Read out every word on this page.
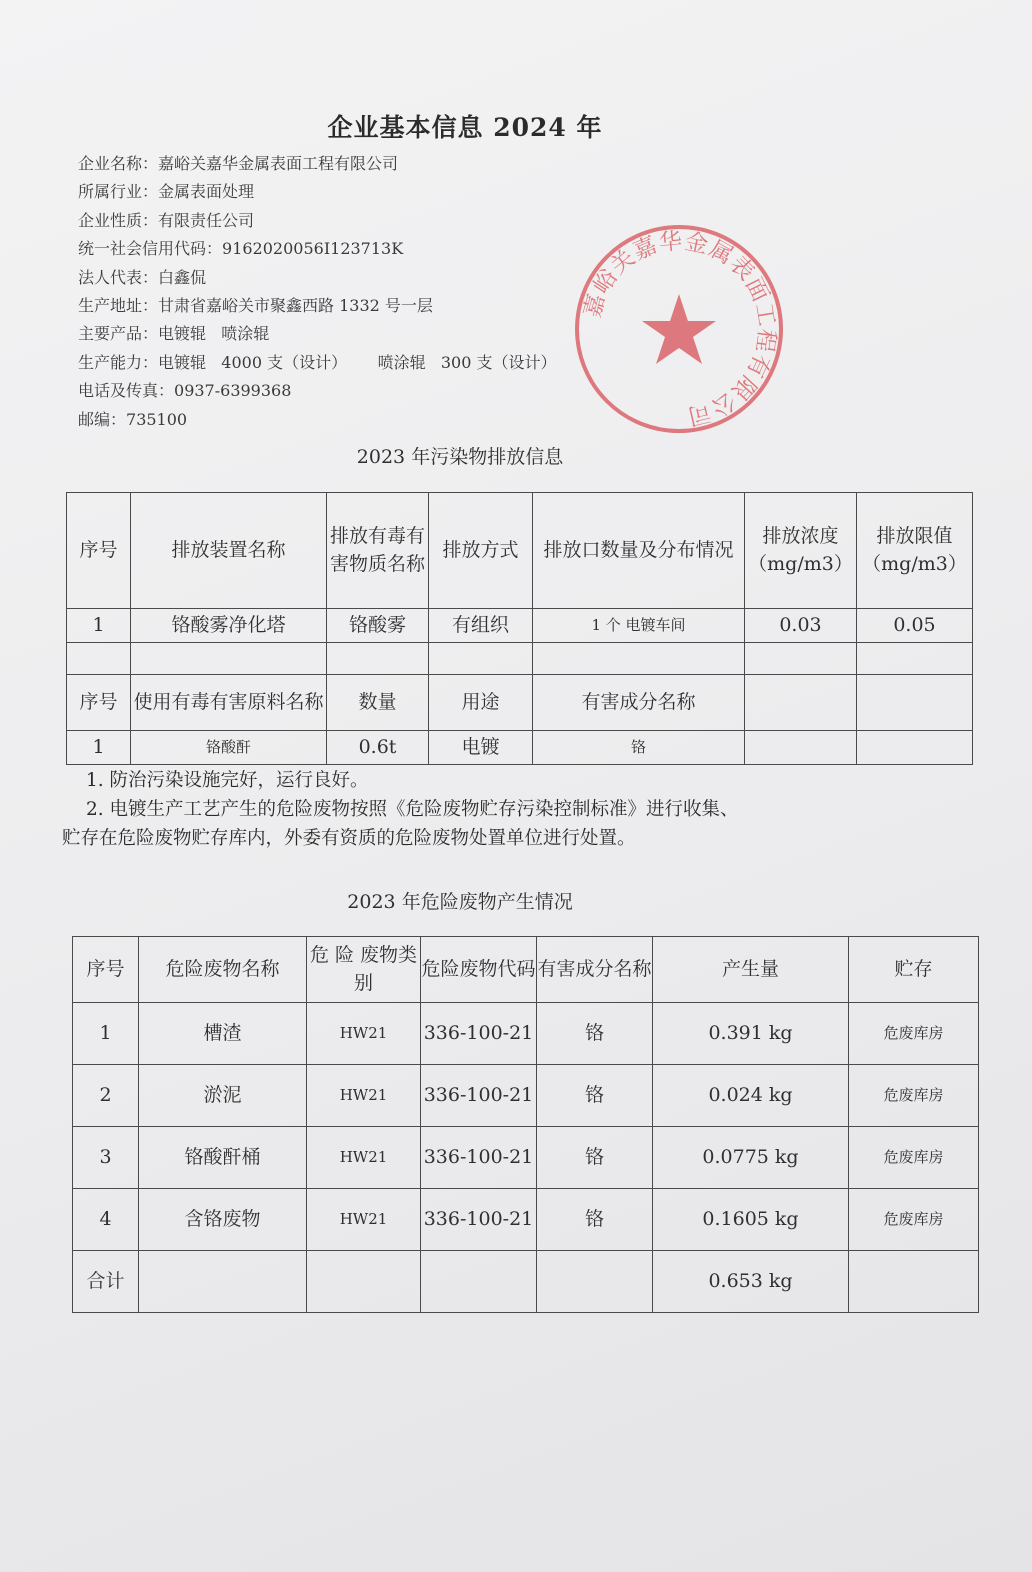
企业基本信息 2024 年
企业名称：嘉峪关嘉华金属表面工程有限公司
所属行业：金属表面处理
企业性质：有限责任公司
统一社会信用代码：9162020056I123713K
法人代表：白鑫侃
生产地址：甘肃省嘉峪关市聚鑫西路 1332 号一层
主要产品：电镀辊   喷涂辊
生产能力：电镀辊   4000 支（设计）      喷涂辊   300 支（设计）
电话及传真：0937-6399368
邮编：735100
嘉峪关嘉华金属表面工程有限公司
2023 年污染物排放信息
序号	排放装置名称	排放有毒有害物质名称	排放方式	排放口数量及分布情况	排放浓度（mg/m3）	排放限值（mg/m3）
1	铬酸雾净化塔	铬酸雾	有组织	1 个 电镀车间	0.03	0.05

序号	使用有毒有害原料名称	数量	用途	有害成分名称		
1	铬酸酐	0.6t	电镀	铬		
1. 防治污染设施完好，运行良好。
2. 电镀生产工艺产生的危险废物按照《危险废物贮存污染控制标准》进行收集、
贮存在危险废物贮存库内，外委有资质的危险废物处置单位进行处置。
2023 年危险废物产生情况
序号	危险废物名称	危 险 废物类别	危险废物代码	有害成分名称	产生量	贮存
1	槽渣	HW21	336-100-21	铬	0.391 kg	危废库房
2	淤泥	HW21	336-100-21	铬	0.024 kg	危废库房
3	铬酸酐桶	HW21	336-100-21	铬	0.0775 kg	危废库房
4	含铬废物	HW21	336-100-21	铬	0.1605 kg	危废库房
合计					0.653 kg	
